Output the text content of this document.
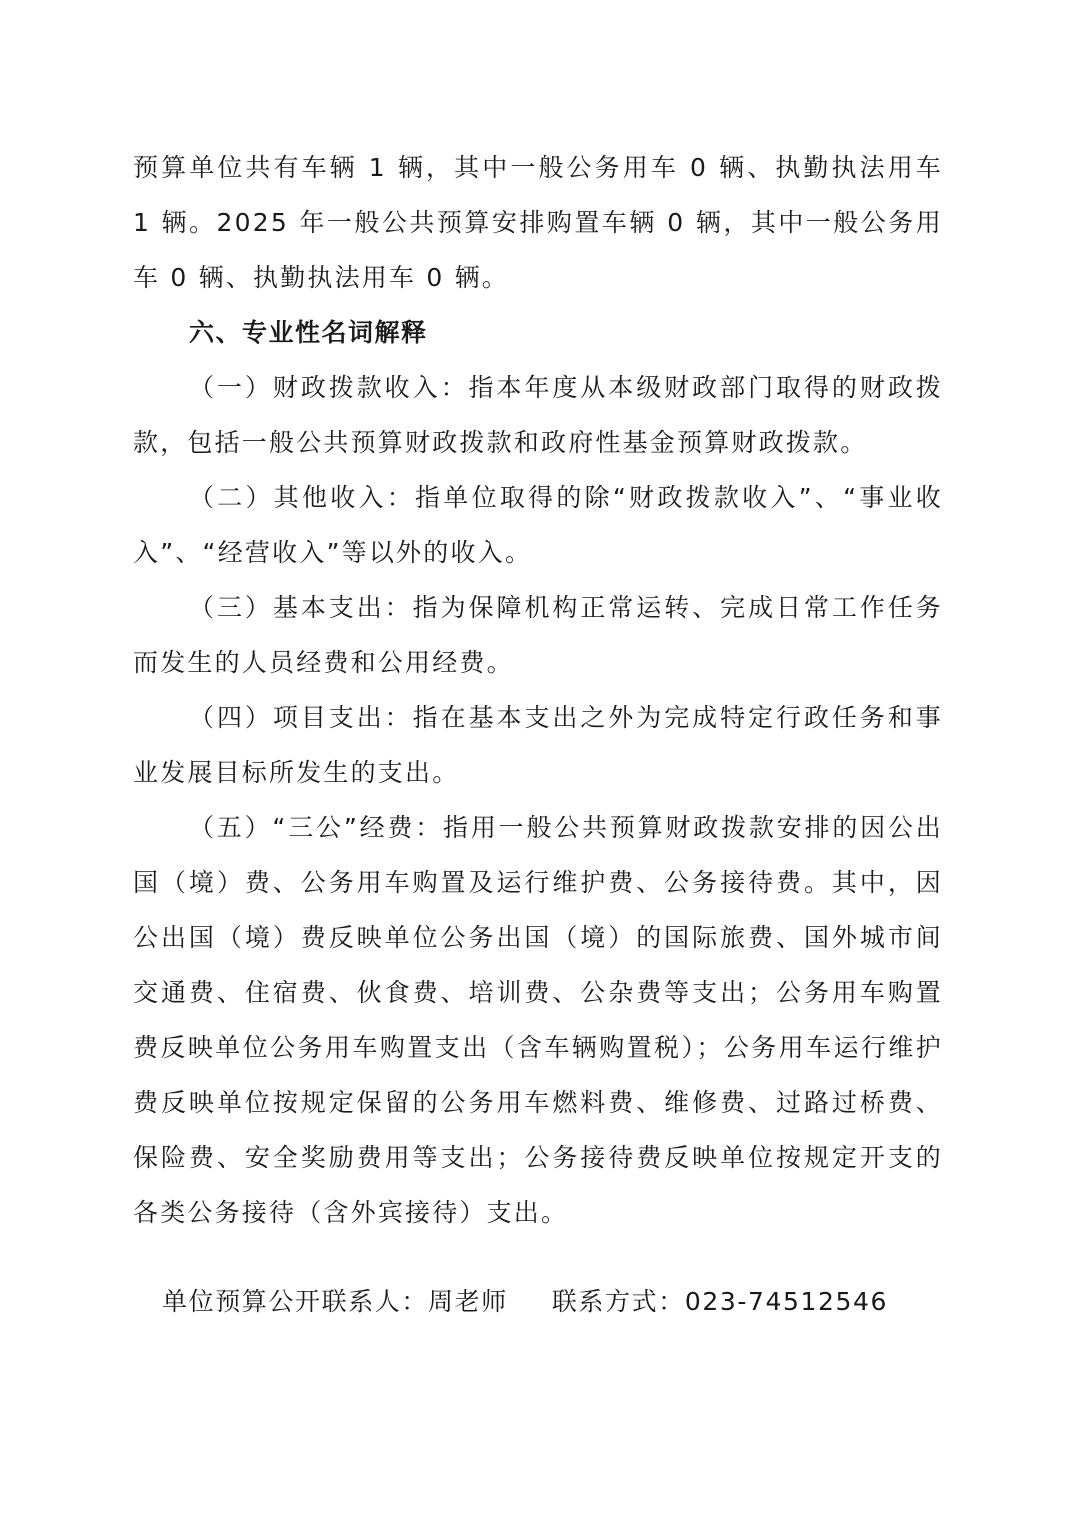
预算单位共有车辆 1 辆，其中一般公务用车 0 辆、执勤执法用车 1 辆。2025 年一般公共预算安排购置车辆 0 辆，其中一般公务用车 0 辆、执勤执法用车 0 辆。

六、专业性名词解释

（一）财政拨款收入：指本年度从本级财政部门取得的财政拨款，包括一般公共预算财政拨款和政府性基金预算财政拨款。

（二）其他收入：指单位取得的除“财政拨款收入”、“事业收入”、“经营收入”等以外的收入。

（三）基本支出：指为保障机构正常运转、完成日常工作任务而发生的人员经费和公用经费。

（四）项目支出：指在基本支出之外为完成特定行政任务和事业发展目标所发生的支出。

（五）“三公”经费：指用一般公共预算财政拨款安排的因公出国（境）费、公务用车购置及运行维护费、公务接待费。其中，因公出国（境）费反映单位公务出国（境）的国际旅费、国外城市间交通费、住宿费、伙食费、培训费、公杂费等支出；公务用车购置费反映单位公务用车购置支出（含车辆购置税）；公务用车运行维护费反映单位按规定保留的公务用车燃料费、维修费、过路过桥费、保险费、安全奖励费用等支出；公务接待费反映单位按规定开支的各类公务接待（含外宾接待）支出。

单位预算公开联系人：周老师 联系方式：023-74512546
